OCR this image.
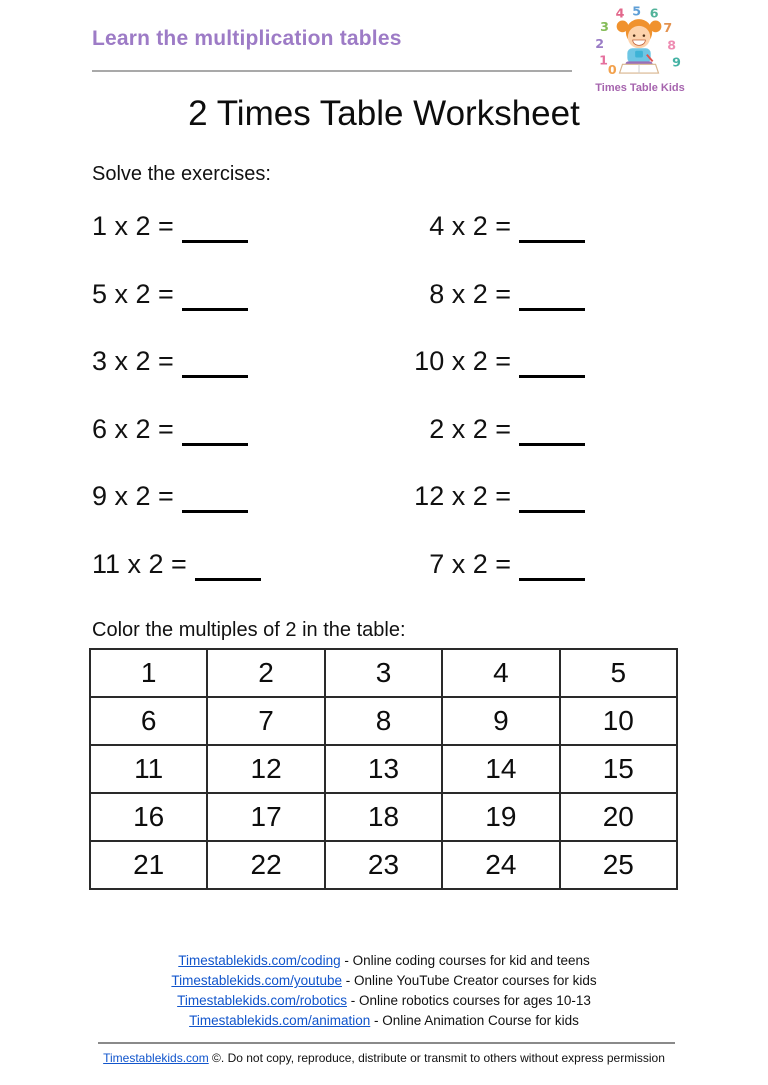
Learn the multiplication tables
4 5 6
3	7
2	8
1	9
0
Times Table Kids
2 Times Table Worksheet
Solve the exercises:
1 x 2 =	4 x 2 =
5 x 2 =	8 x 2 =
3 x 2 =	10 x 2 =
6 x 2 =	2 x 2 =
9 x 2 =	12 x 2 =
11 x 2 =	7 x 2 =
Color the multiples of 2 in the table:
1	2	3	4	5
6	7	8	9	10
11	12	13	14	15
16	17	18	19	20
21	22	23	24	25
Timestablekids.com/coding - Online coding courses for kid and teens
Timestablekids.com/youtube - Online YouTube Creator courses for kids
Timestablekids.com/robotics - Online robotics courses for ages 10-13
Timestablekids.com/animation - Online Animation Course for kids
Timestablekids.com ©. Do not copy, reproduce, distribute or transmit to others without express permission
